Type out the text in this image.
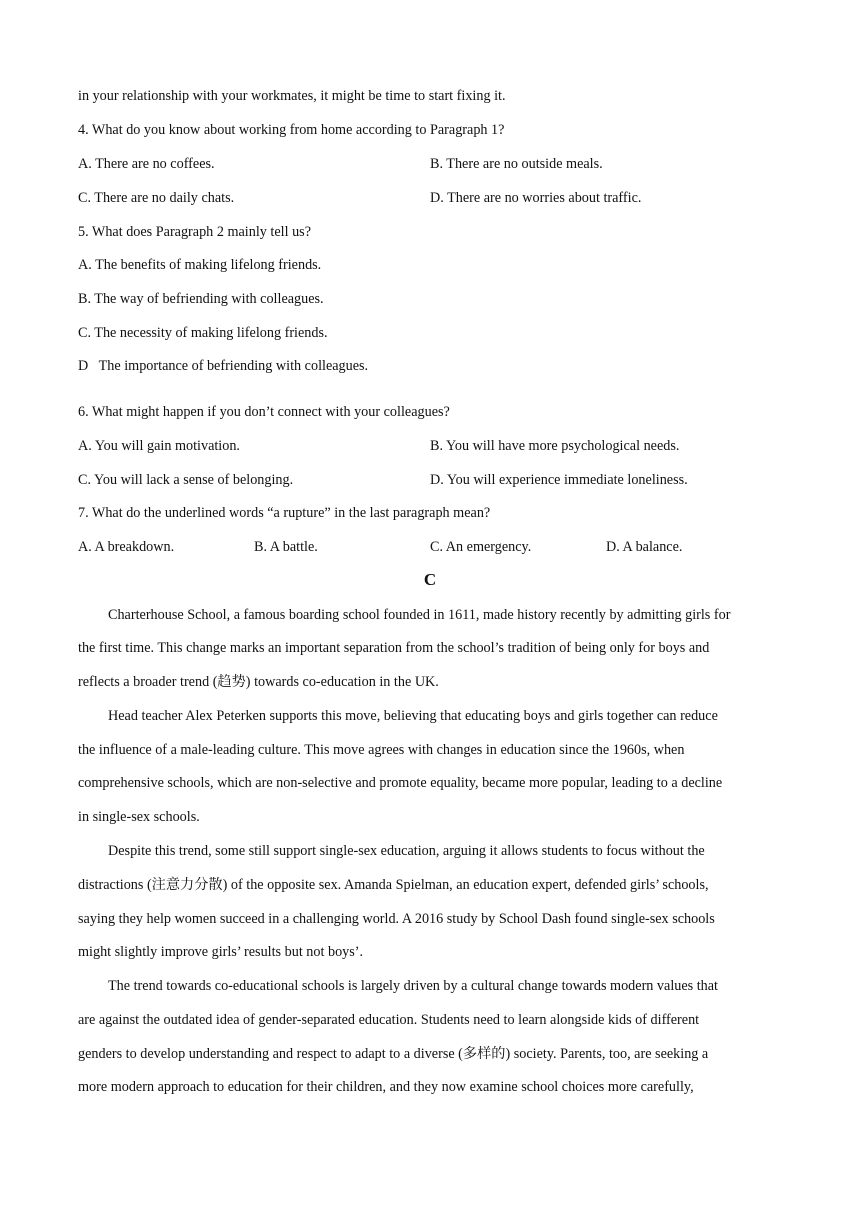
in your relationship with your workmates, it might be time to start fixing it.
4. What do you know about working from home according to Paragraph 1?
A. There are no coffees.	B. There are no outside meals.
C. There are no daily chats.	D. There are no worries about traffic.
5. What does Paragraph 2 mainly tell us?
A. The benefits of making lifelong friends.
B. The way of befriending with colleagues.
C. The necessity of making lifelong friends.
D   The importance of befriending with colleagues.
6. What might happen if you don’t connect with your colleagues?
A. You will gain motivation.	B. You will have more psychological needs.
C. You will lack a sense of belonging.	D. You will experience immediate loneliness.
7. What do the underlined words “a rupture” in the last paragraph mean?
A. A breakdown.	B. A battle.	C. An emergency.	D. A balance.
C
Charterhouse School, a famous boarding school founded in 1611, made history recently by admitting girls for
the first time. This change marks an important separation from the school’s tradition of being only for boys and
reflects a broader trend (趋势) towards co-education in the UK.
Head teacher Alex Peterken supports this move, believing that educating boys and girls together can reduce
the influence of a male-leading culture. This move agrees with changes in education since the 1960s, when
comprehensive schools, which are non-selective and promote equality, became more popular, leading to a decline
in single-sex schools.
Despite this trend, some still support single-sex education, arguing it allows students to focus without the
distractions (注意力分散) of the opposite sex. Amanda Spielman, an education expert, defended girls’ schools,
saying they help women succeed in a challenging world. A 2016 study by School Dash found single-sex schools
might slightly improve girls’ results but not boys’.
The trend towards co-educational schools is largely driven by a cultural change towards modern values that
are against the outdated idea of gender-separated education. Students need to learn alongside kids of different
genders to develop understanding and respect to adapt to a diverse (多样的) society. Parents, too, are seeking a
more modern approach to education for their children, and they now examine school choices more carefully,
